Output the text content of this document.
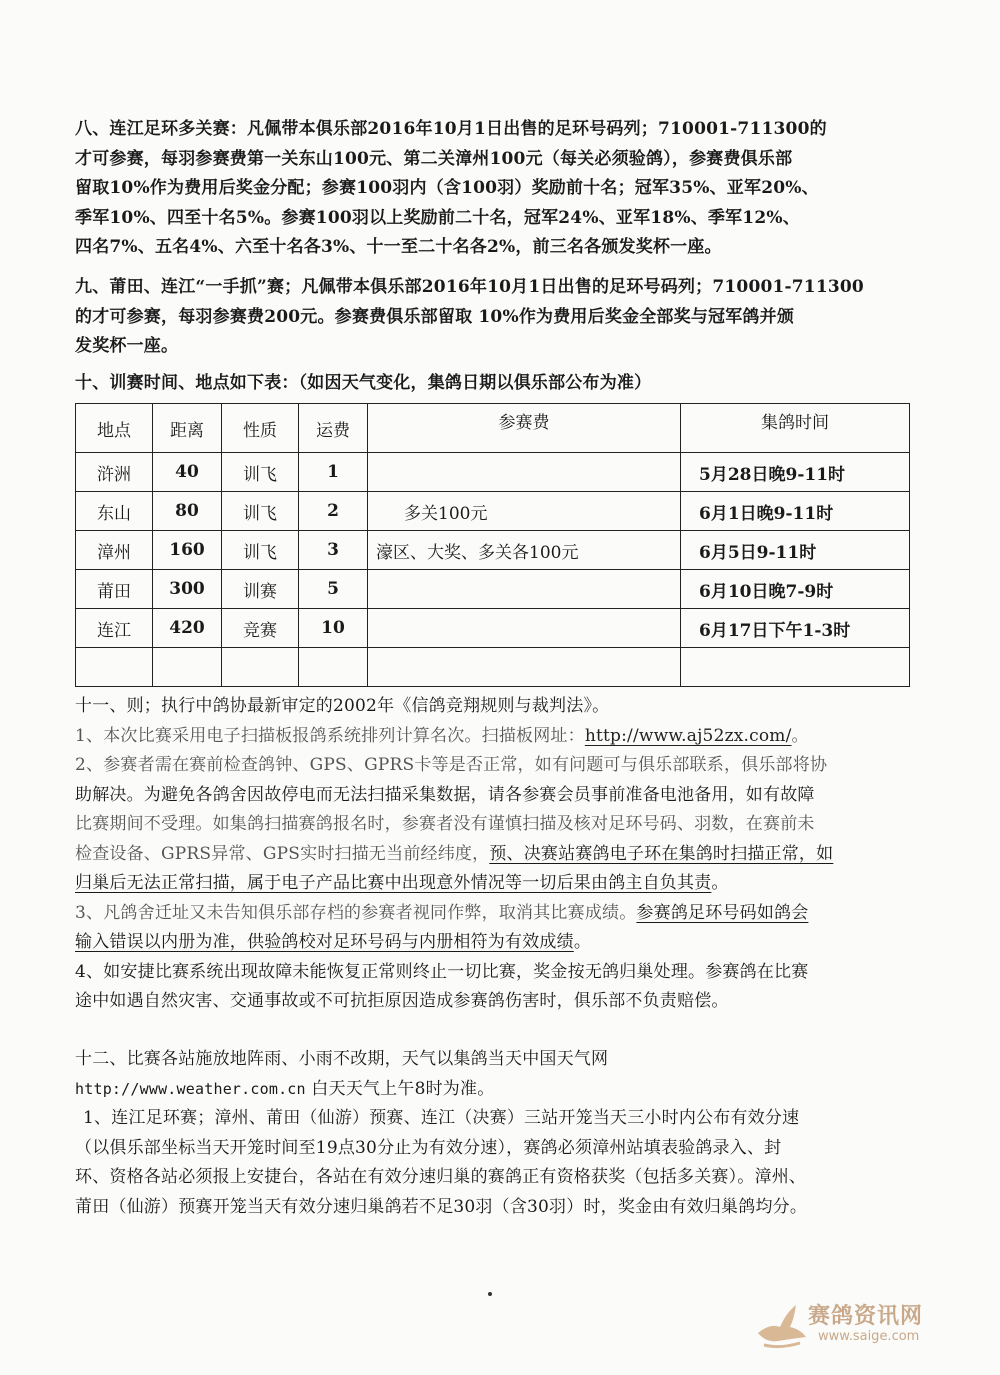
八、连江足环多关赛：凡佩带本俱乐部2016年10月1日出售的足环号码列；710001-711300的
才可参赛，每羽参赛费第一关东山100元、第二关漳州100元（每关必须验鸽），参赛费俱乐部
留取10%作为费用后奖金分配；参赛100羽内（含100羽）奖励前十名；冠军35%、亚军20%、
季军10%、四至十名5%。参赛100羽以上奖励前二十名，冠军24%、亚军18%、季军12%、
四名7%、五名4%、六至十名各3%、十一至二十名各2%，前三名各颁发奖杯一座。
九、莆田、连江“一手抓”赛；凡佩带本俱乐部2016年10月1日出售的足环号码列；710001-711300
的才可参赛，每羽参赛费200元。参赛费俱乐部留取 10%作为费用后奖金全部奖与冠军鸽并颁
发奖杯一座。
十、训赛时间、地点如下表：（如因天气变化，集鸽日期以俱乐部公布为准）
地点	距离	性质	运费	参赛费	集鸽时间
浒洲	40	训飞	1		5月28日晚9-11时
东山	80	训飞	2	多关100元	6月1日晚9-11时
漳州	160	训飞	3	濠区、大奖、多关各100元	6月5日9-11时
莆田	300	训赛	5		6月10日晚7-9时
连江	420	竞赛	10		6月17日下午1-3时

十一、则；执行中鸽协最新审定的2002年《信鸽竞翔规则与裁判法》。
1、本次比赛采用电子扫描板报鸽系统排列计算名次。扫描板网址：http://www.aj52zx.com/。
2、参赛者需在赛前检查鸽钟、GPS、GPRS卡等是否正常，如有问题可与俱乐部联系，俱乐部将协
助解决。为避免各鸽舍因故停电而无法扫描采集数据，请各参赛会员事前准备电池备用，如有故障
比赛期间不受理。如集鸽扫描赛鸽报名时，参赛者没有谨慎扫描及核对足环号码、羽数，在赛前未
检查设备、GPRS异常、GPS实时扫描无当前经纬度，预、决赛站赛鸽电子环在集鸽时扫描正常，如
归巢后无法正常扫描，属于电子产品比赛中出现意外情况等一切后果由鸽主自负其责。
3、凡鸽舍迁址又未告知俱乐部存档的参赛者视同作弊，取消其比赛成绩。参赛鸽足环号码如鸽会
输入错误以内册为准，供验鸽校对足环号码与内册相符为有效成绩。
4、如安捷比赛系统出现故障未能恢复正常则终止一切比赛，奖金按无鸽归巢处理。参赛鸽在比赛
途中如遇自然灾害、交通事故或不可抗拒原因造成参赛鸽伤害时，俱乐部不负责赔偿。
十二、比赛各站施放地阵雨、小雨不改期，天气以集鸽当天中国天气网
http://www.weather.com.cn 白天天气上午8时为准。
1、连江足环赛；漳州、莆田（仙游）预赛、连江（决赛）三站开笼当天三小时内公布有效分速
（以俱乐部坐标当天开笼时间至19点30分止为有效分速），赛鸽必须漳州站填表验鸽录入、封
环、资格各站必须报上安捷台，各站在有效分速归巢的赛鸽正有资格获奖（包括多关赛）。漳州、
莆田（仙游）预赛开笼当天有效分速归巢鸽若不足30羽（含30羽）时，奖金由有效归巢鸽均分。
赛鸽资讯网
www.saige.com
